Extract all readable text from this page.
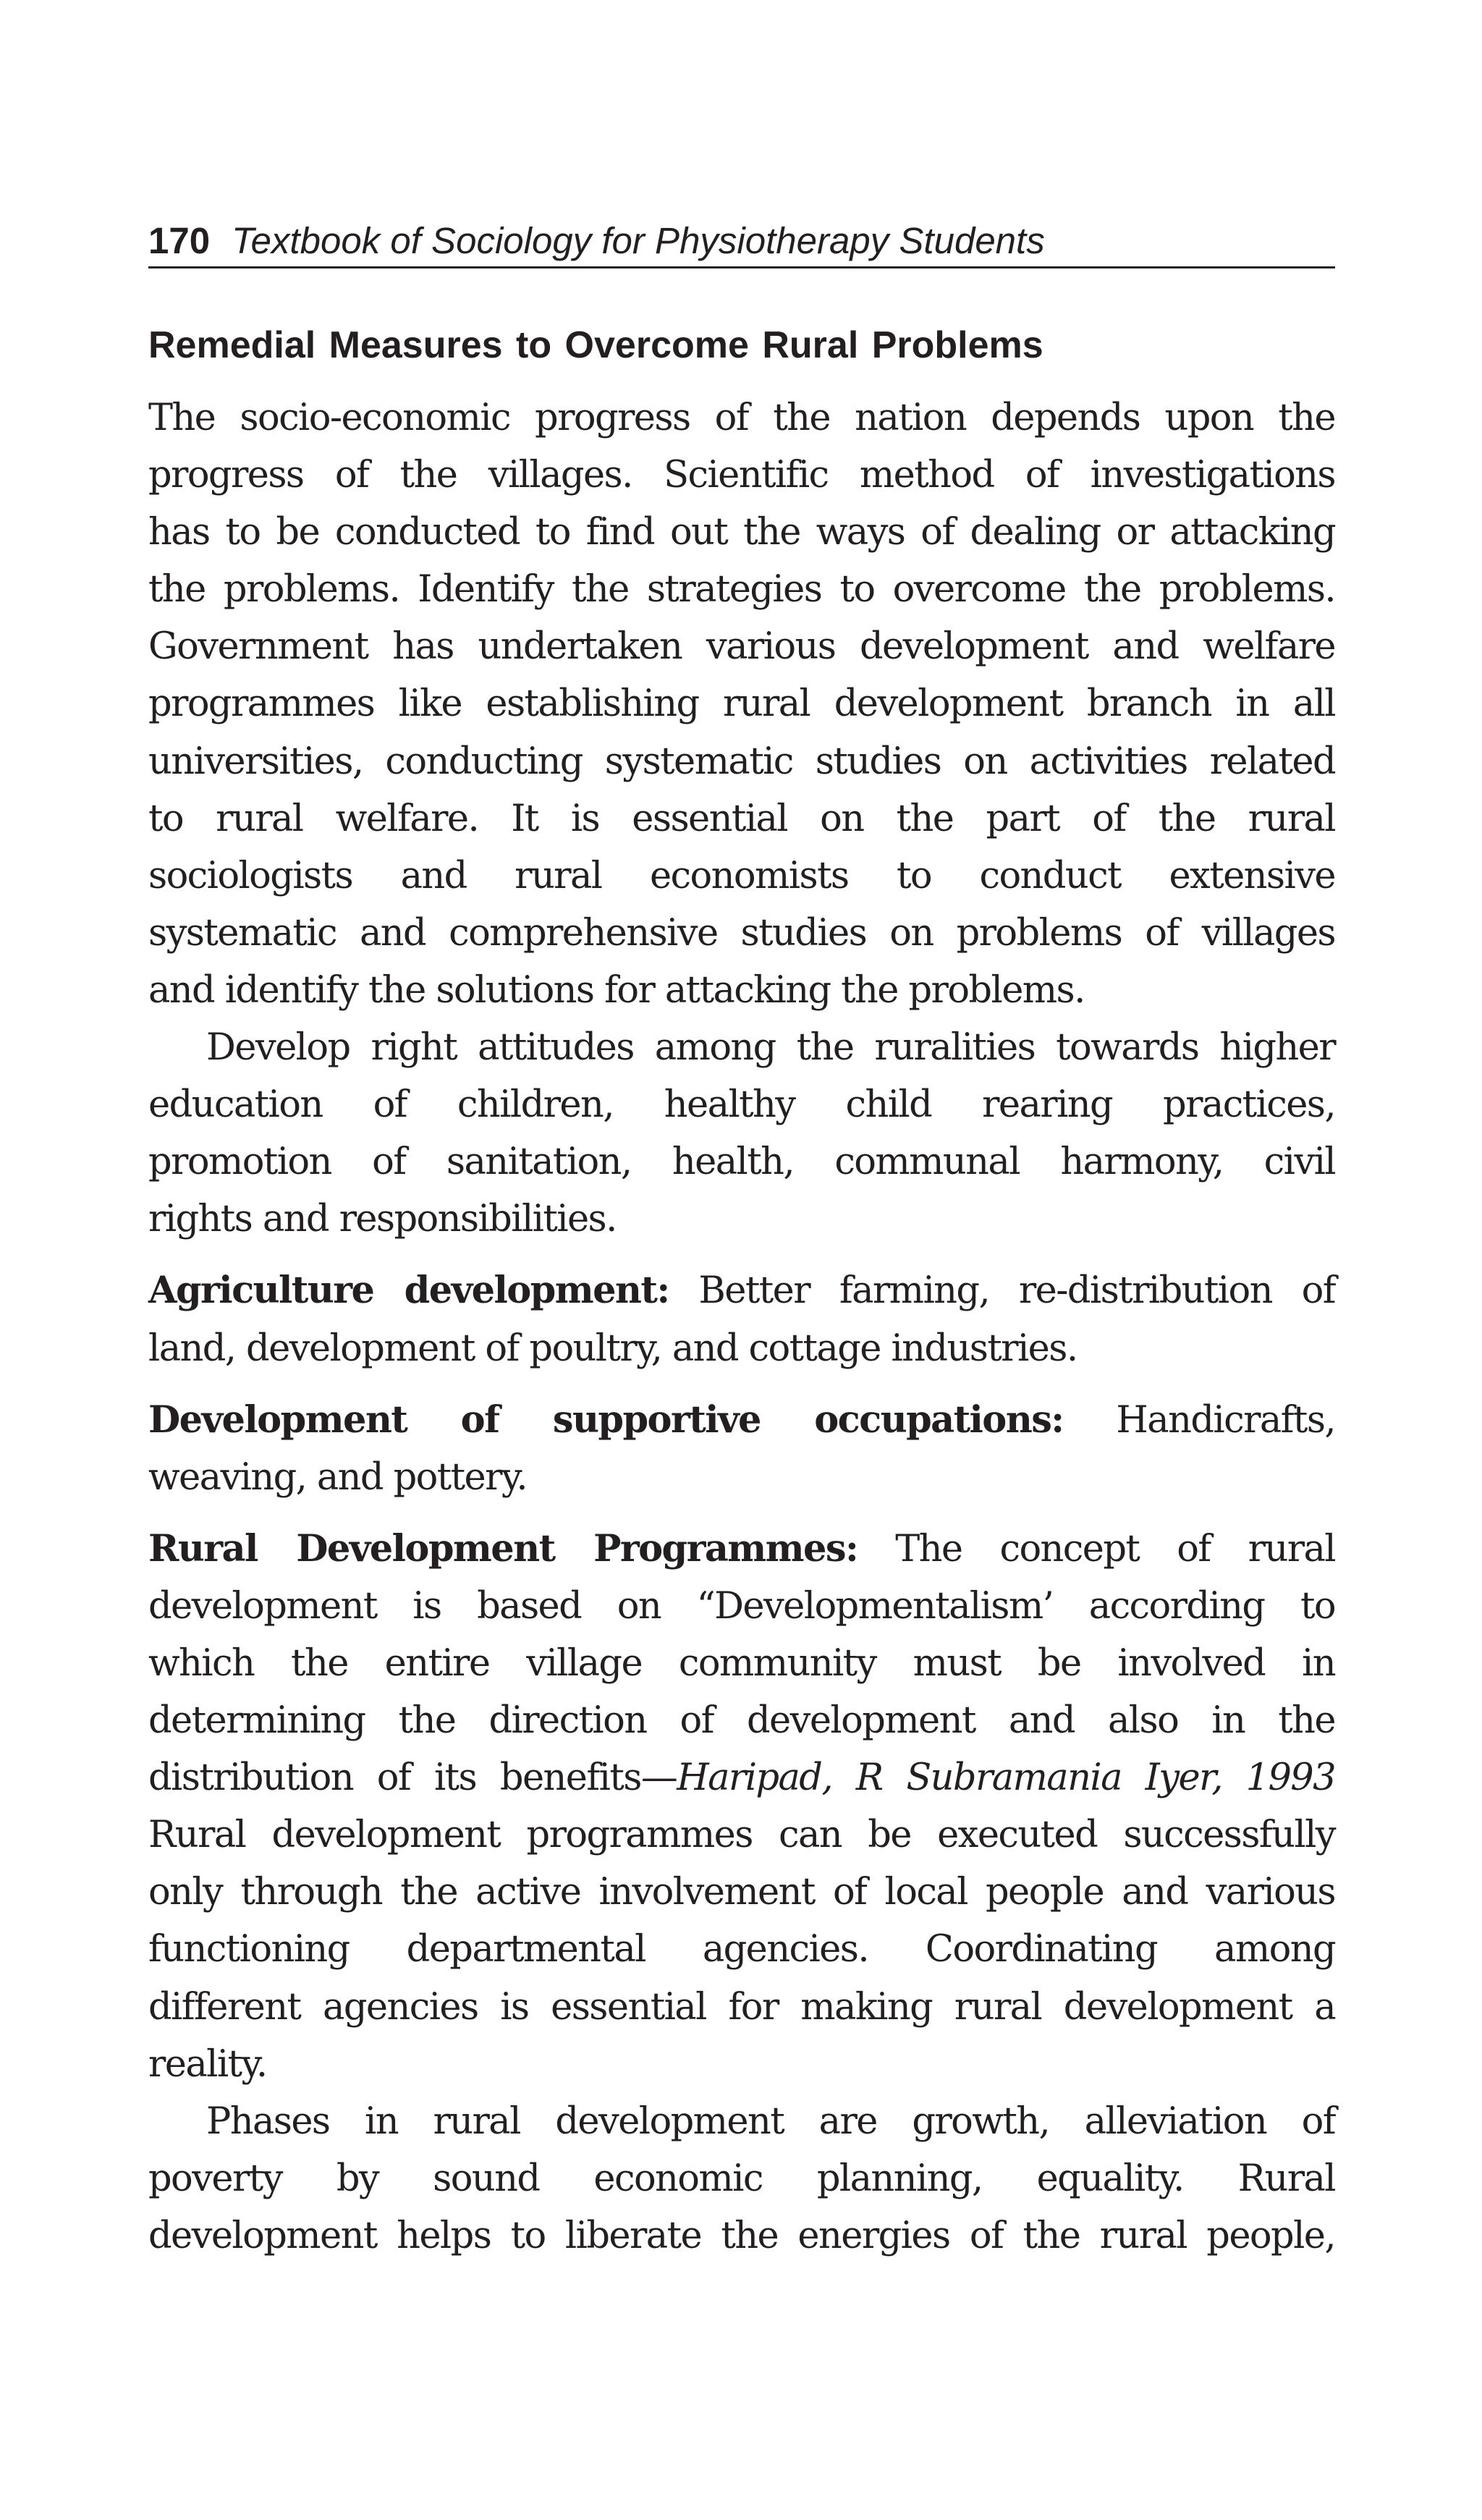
170 Textbook of Sociology for Physiotherapy Students
Remedial Measures to Overcome Rural Problems

The socio-economic progress of the nation depends upon the
progress of the villages. Scientific method of investigations
has to be conducted to find out the ways of dealing or attacking
the problems. Identify the strategies to overcome the problems.
Government has undertaken various development and welfare
programmes like establishing rural development branch in all
universities, conducting systematic studies on activities related
to rural welfare. It is essential on the part of the rural
sociologists and rural economists to conduct extensive
systematic and comprehensive studies on problems of villages
and identify the solutions for attacking the problems.

Develop right attitudes among the ruralities towards higher
education of children, healthy child rearing practices,
promotion of sanitation, health, communal harmony, civil
rights and responsibilities.

Agriculture development: Better farming, re-distribution of
land, development of poultry, and cottage industries.

Development of supportive occupations: Handicrafts,
weaving, and pottery.

Rural Development Programmes: The concept of rural
development is based on “Developmentalism’ according to
which the entire village community must be involved in
determining the direction of development and also in the
distribution of its benefits—Haripad, R Subramania Iyer, 1993
Rural development programmes can be executed successfully
only through the active involvement of local people and various
functioning departmental agencies. Coordinating among
different agencies is essential for making rural development a
reality.

Phases in rural development are growth, alleviation of
poverty by sound economic planning, equality. Rural
development helps to liberate the energies of the rural people,
